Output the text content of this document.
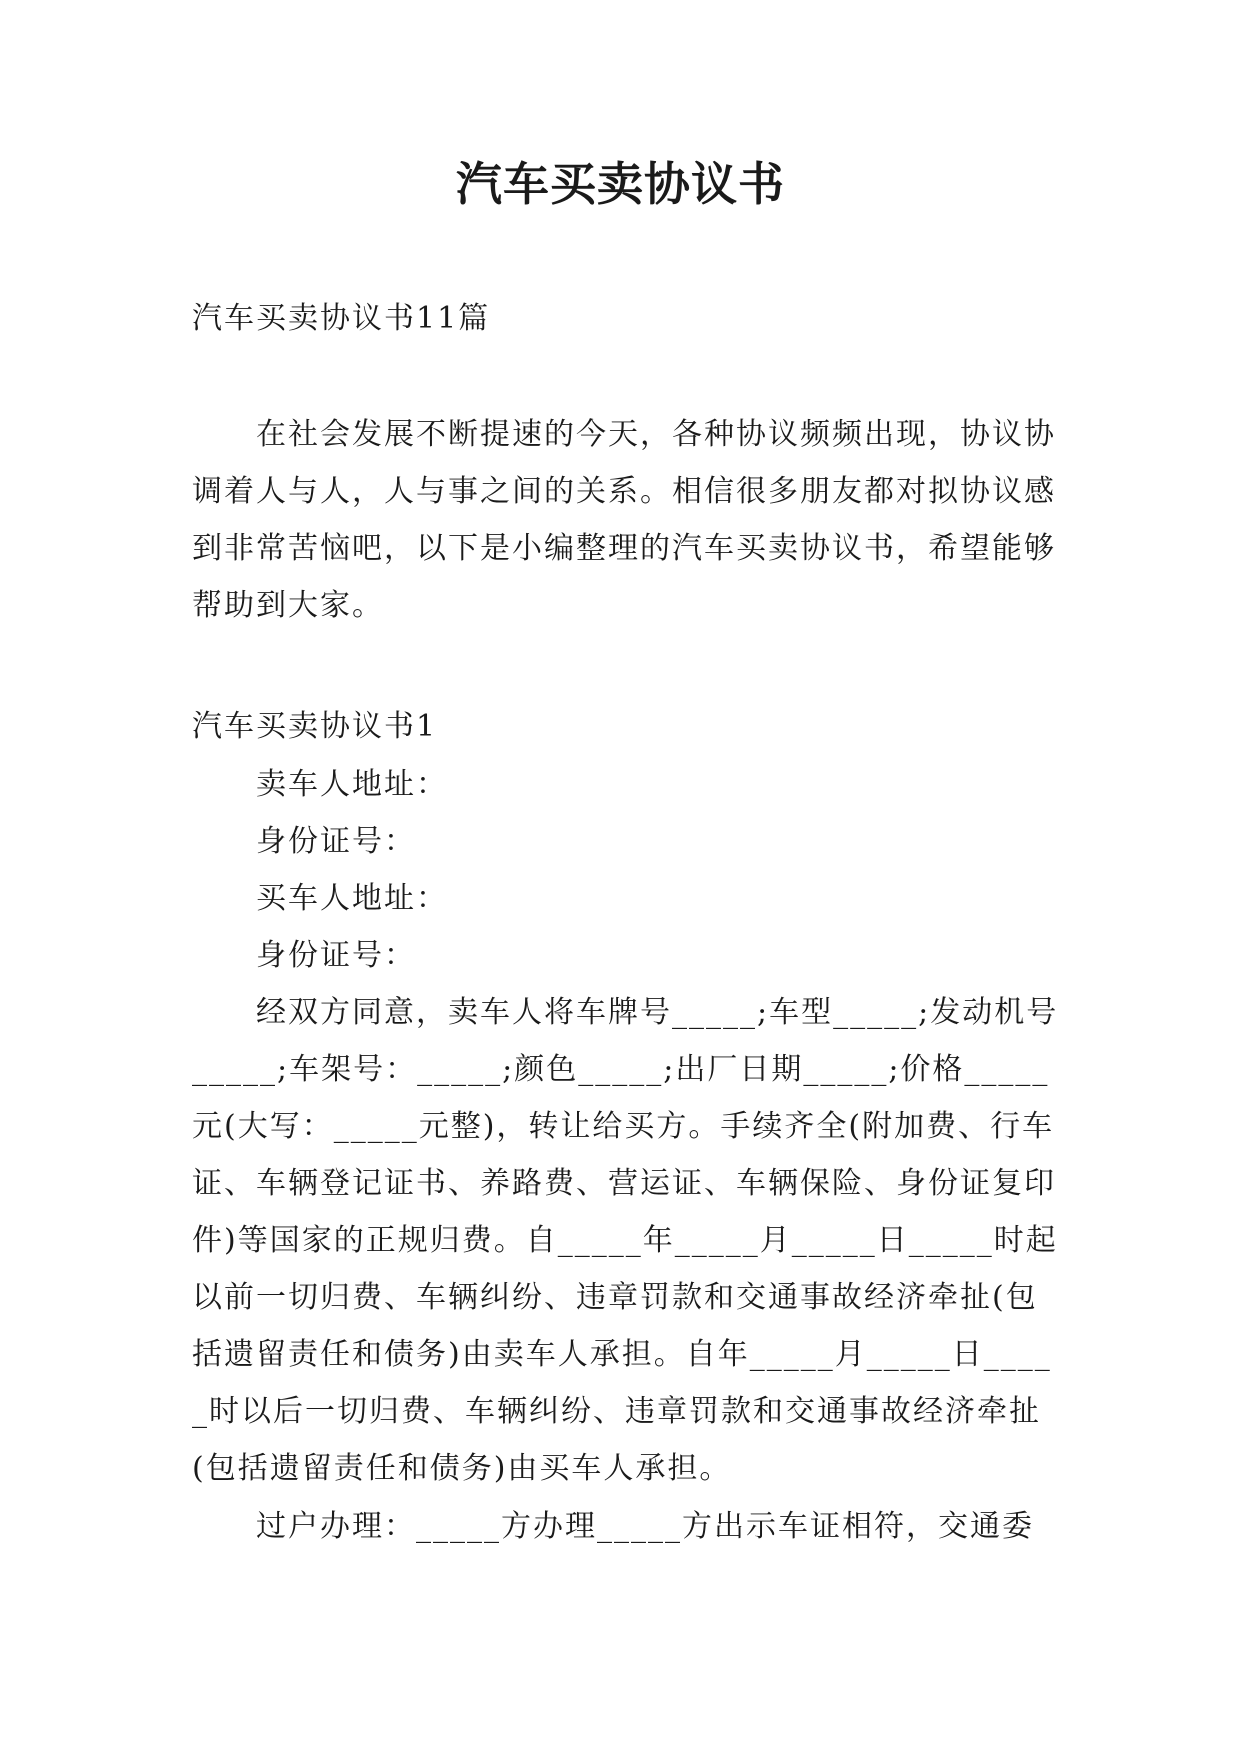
汽车买卖协议书

汽车买卖协议书11篇

在社会发展不断提速的今天，各种协议频频出现，协议协调着人与人，人与事之间的关系。相信很多朋友都对拟协议感到非常苦恼吧，以下是小编整理的汽车买卖协议书，希望能够帮助到大家。

汽车买卖协议书1

卖车人地址：
身份证号：
买车人地址：
身份证号：

经双方同意，卖车人将车牌号_____;车型_____;发动机号_____;车架号：_____;颜色_____;出厂日期_____;价格_____元(大写：_____元整)，转让给买方。手续齐全(附加费、行车证、车辆登记证书、养路费、营运证、车辆保险、身份证复印件)等国家的正规归费。自_____年_____月_____日_____时起以前一切归费、车辆纠纷、违章罚款和交通事故经济牵扯(包括遗留责任和债务)由卖车人承担。自年_____月_____日_____时以后一切归费、车辆纠纷、违章罚款和交通事故经济牵扯(包括遗留责任和债务)由买车人承担。

过户办理：_____方办理_____方出示车证相符，交通委
